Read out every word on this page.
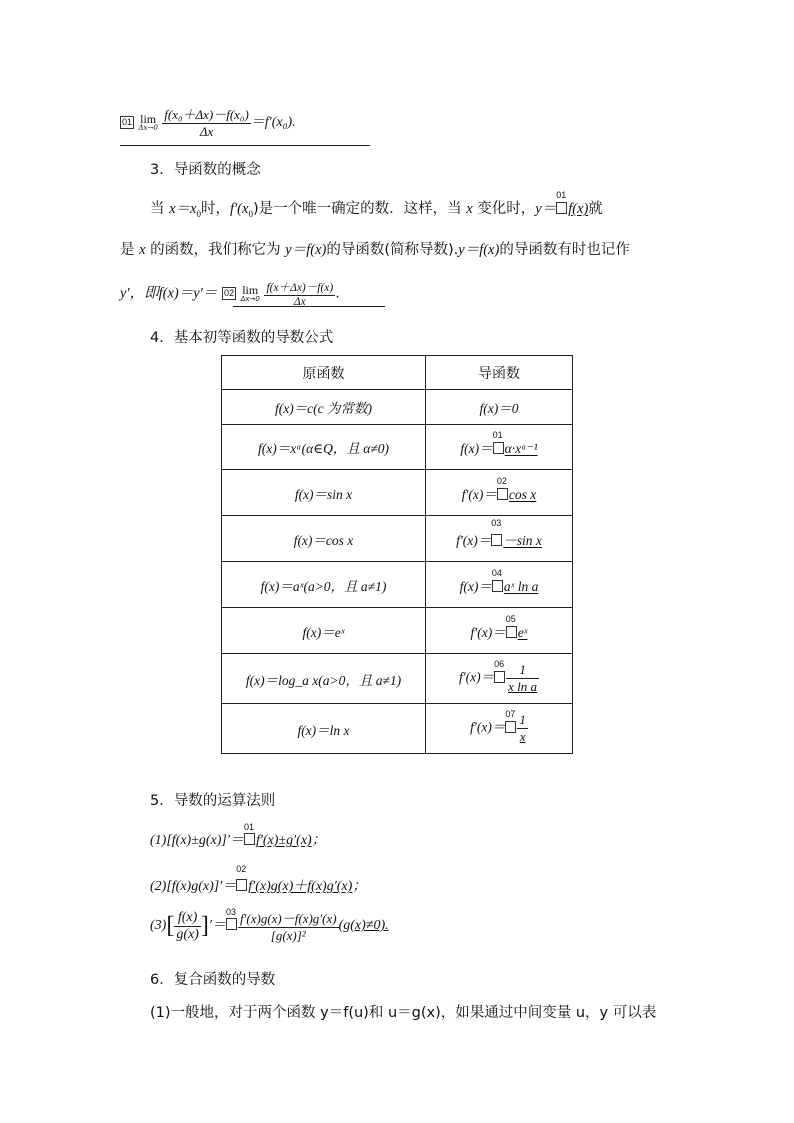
01 lim
Δx→0
$\frac{\text{f(x₀＋Δx)－f(x₀)}}{\Delta x} =f'(x_0)$.
3．导函数的概念
当 $x=x_0$时，$f'(x_0)$是一个唯一确定的数．这样，当 x 变化时，y＝
01
f(x)就
是 x 的函数，我们称它为 y＝f(x)的导函数(简称导数).y＝f(x)的导函数有时也记作
y′，即f(x)＝y′＝ 02 lim
Δx→0
$\frac{f(x+\Delta x)-f(x)}{\Delta x}$ .
4．基本初等函数的导数公式
原函数	导函数
f(x)＝c(c 为常数)	f(x)＝0
f(x)＝xᵅ(α∈Q，且 α≠0)	f(x)＝
01
α·xᵅ⁻¹
f(x)＝sin x	f′(x)＝
02
cos x
f(x)＝cos x	f′(x)＝
03
－sin x
f(x)＝aˣ(a>0，且 a≠1)	f(x)＝
04
aˣ ln a
f(x)＝eˣ	f′(x)＝
05
eˣ
f(x)＝log_a x(a>0，且 a≠1)	f′(x)＝
$06 \frac{1}{\text{x ln a}}$

f(x)＝ln x	f′(x)＝
$07 \frac{1}{x}$
5．导数的运算法则
(1)[f(x)±g(x)]′＝
01
f′(x)±g′(x)；
(2)[f(x)g(x)]′＝
02
f′(x)g(x)＋f(x)g′(x)；
$(3)[ \frac{f(x)}{g(x)}$ ]′＝
$03 \frac{f'(x)g(x)-f(x)g'(x)}{\text{[g(x)]²}} (g(x)\ne 0)$.
6．复合函数的导数
(1)一般地，对于两个函数 y＝f(u)和 u＝g(x)，如果通过中间变量 u，y 可以表
